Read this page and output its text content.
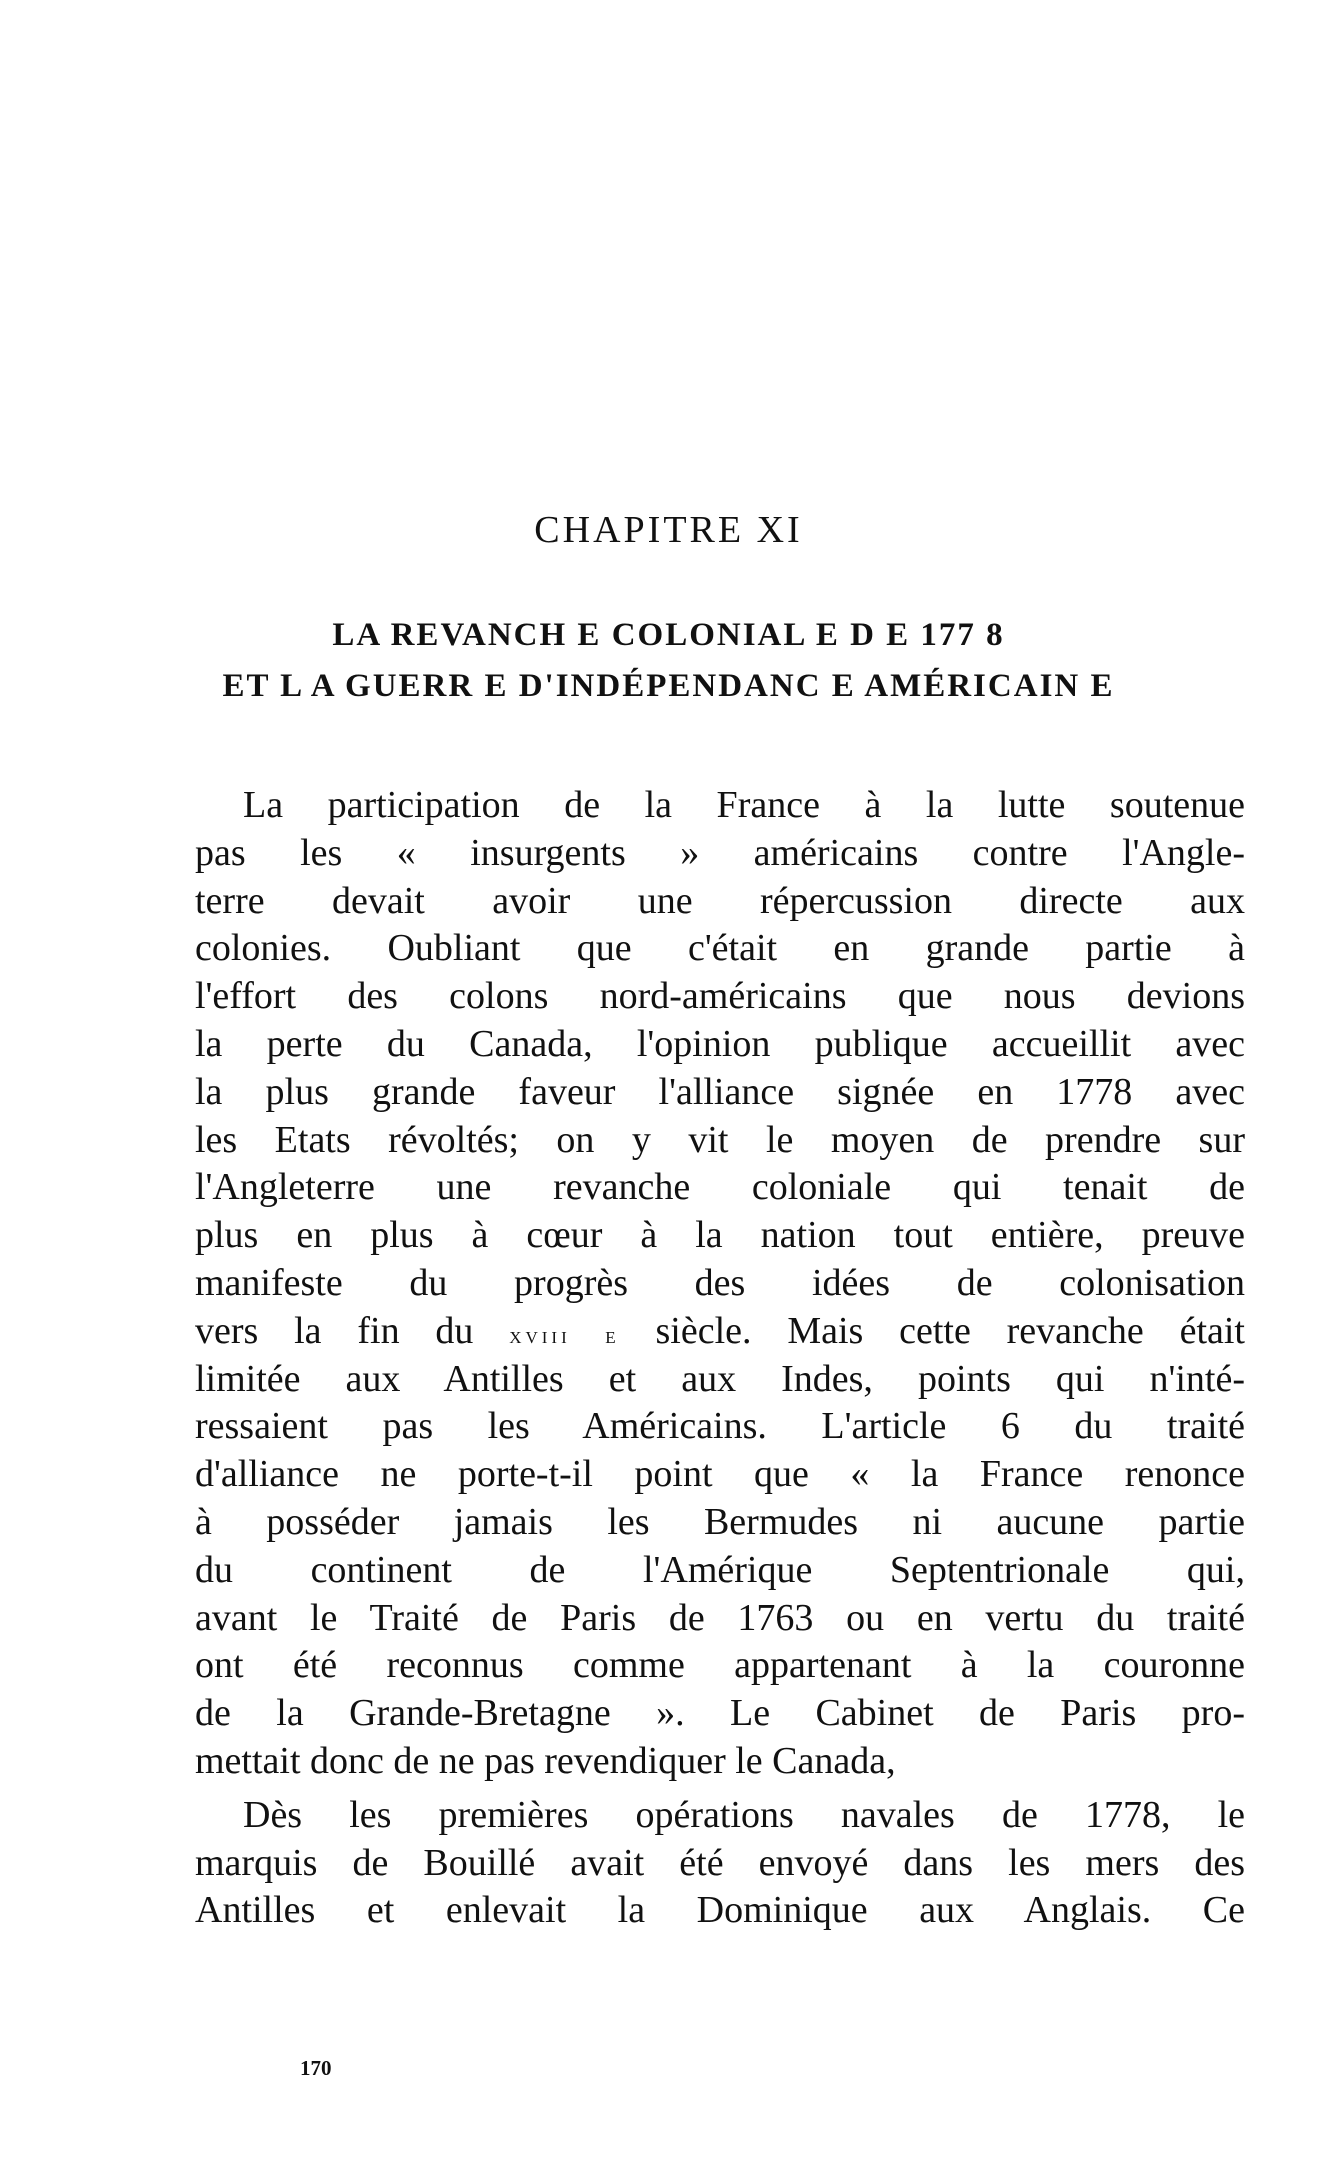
CHAPITRE XI
LA REVANCH E COLONIAL E D E 177 8
ET L A GUERR E D'INDÉPENDANC E AMÉRICAIN E
La participation de la France à la lutte soutenue
pas les « insurgents » américains contre l'Angle-
terre devait avoir une répercussion directe aux
colonies. Oubliant que c'était en grande partie à
l'effort des colons nord-américains que nous devions
la perte du Canada, l'opinion publique accueillit avec
la plus grande faveur l'alliance signée en 1778 avec
les Etats révoltés; on y vit le moyen de prendre sur
l'Angleterre une revanche coloniale qui tenait de
plus en plus à cœur à la nation tout entière, preuve
manifeste du progrès des idées de colonisation
vers la fin du XVIII E siècle. Mais cette revanche était
limitée aux Antilles et aux Indes, points qui n'inté-
ressaient pas les Américains. L'article 6 du traité
d'alliance ne porte-t-il point que « la France renonce
à posséder jamais les Bermudes ni aucune partie
du continent de l'Amérique Septentrionale qui,
avant le Traité de Paris de 1763 ou en vertu du traité
ont été reconnus comme appartenant à la couronne
de la Grande-Bretagne ». Le Cabinet de Paris pro-
mettait donc de ne pas revendiquer le Canada,
Dès les premières opérations navales de 1778, le
marquis de Bouillé avait été envoyé dans les mers des
Antilles et enlevait la Dominique aux Anglais. Ce

170
